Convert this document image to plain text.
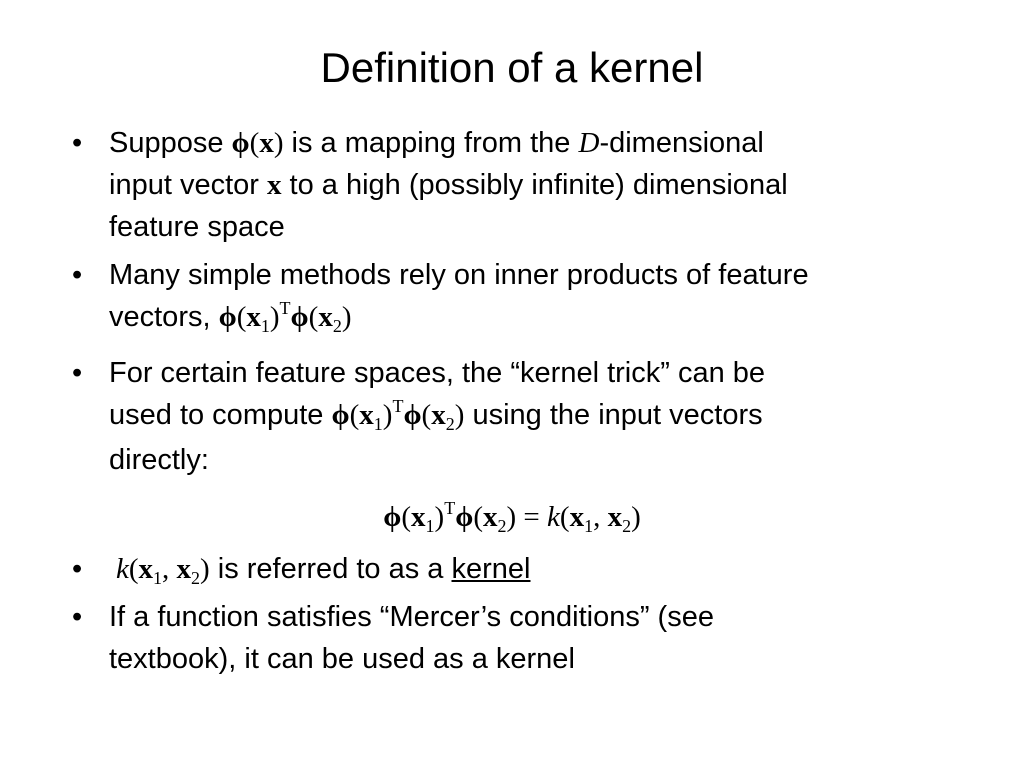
Definition of a kernel
• Suppose ϕ(x) is a mapping from the D-dimensional
input vector x to a high (possibly infinite) dimensional
feature space
• Many simple methods rely on inner products of feature
vectors, $\phi(x_1)^T\phi(x_2)$
• For certain feature spaces, the “kernel trick” can be
used to compute $\phi(x_1)^T\phi(x_2)$ using the input vectors
directly:
$\phi(x_1)^T\phi(x_2) = k(x_1$, $x_2$)
• $k(x_1$, $x_2$) is referred to as a kernel
• If a function satisfies “Mercer’s conditions” (see
textbook), it can be used as a kernel
